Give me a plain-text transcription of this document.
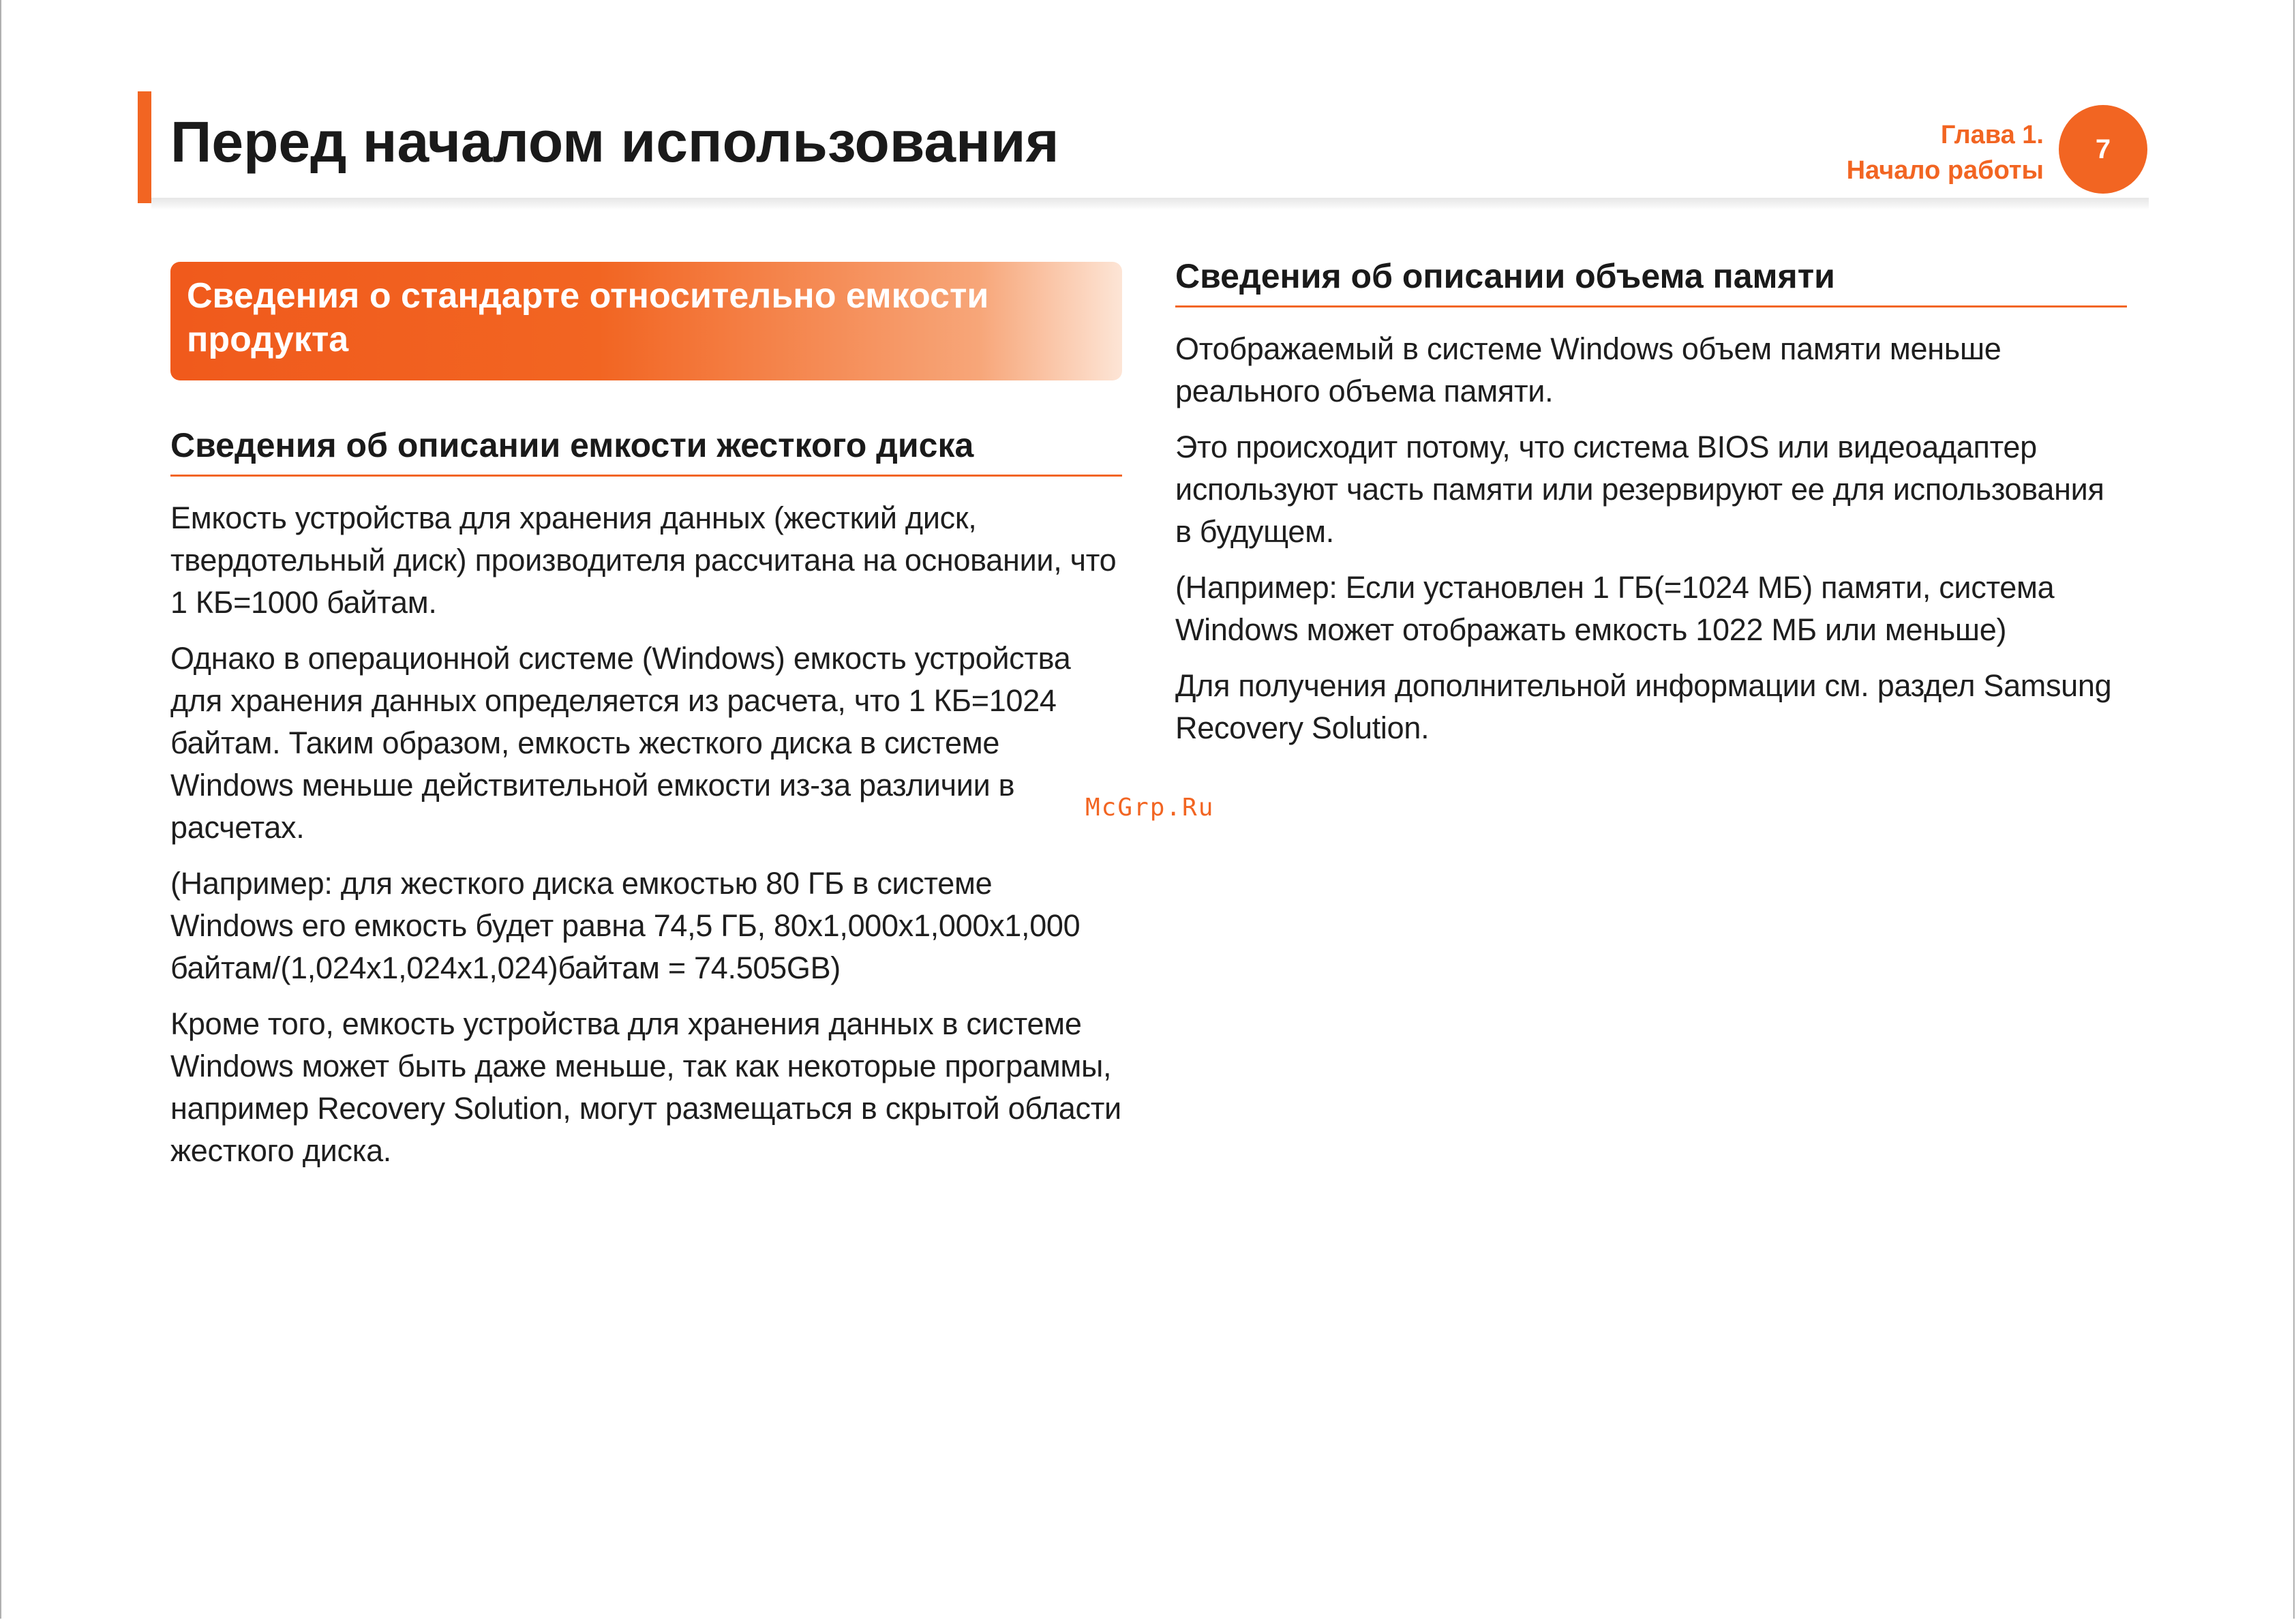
Перед началом использования	Глава 1.
Начало работы
7
Сведения о стандарте относительно емкости продукта
Сведения об описании емкости жесткого диска

Емкость устройства для хранения данных (жесткий диск, твердотельный диск) производителя рассчитана на основании, что 1 КБ=1000 байтам.

Однако в операционной системе (Windows) емкость устройства для хранения данных определяется из расчета, что 1 КБ=1024 байтам. Таким образом, емкость жесткого диска в системе Windows меньше действительной емкости из-за различии в расчетах.

(Например: для жесткого диска емкостью 80 ГБ в системе Windows его емкость будет равна 74,5 ГБ, 80x1,000x1,000x1,000 байтам/(1,024x1,024x1,024)байтам = 74.505GB)

Кроме того, емкость устройства для хранения данных в системе Windows может быть даже меньше, так как некоторые программы, например Recovery Solution, могут размещаться в скрытой области жесткого диска.

Сведения об описании объема памяти

Отображаемый в системе Windows объем памяти меньше реального объема памяти.

Это происходит потому, что система BIOS или видеоадаптер используют часть памяти или резервируют ее для использования в будущем.

(Например: Если установлен 1 ГБ(=1024 МБ) памяти, система Windows может отображать емкость 1022 МБ или меньше)

Для получения дополнительной информации см. раздел Samsung Recovery Solution.

McGrp.Ru
